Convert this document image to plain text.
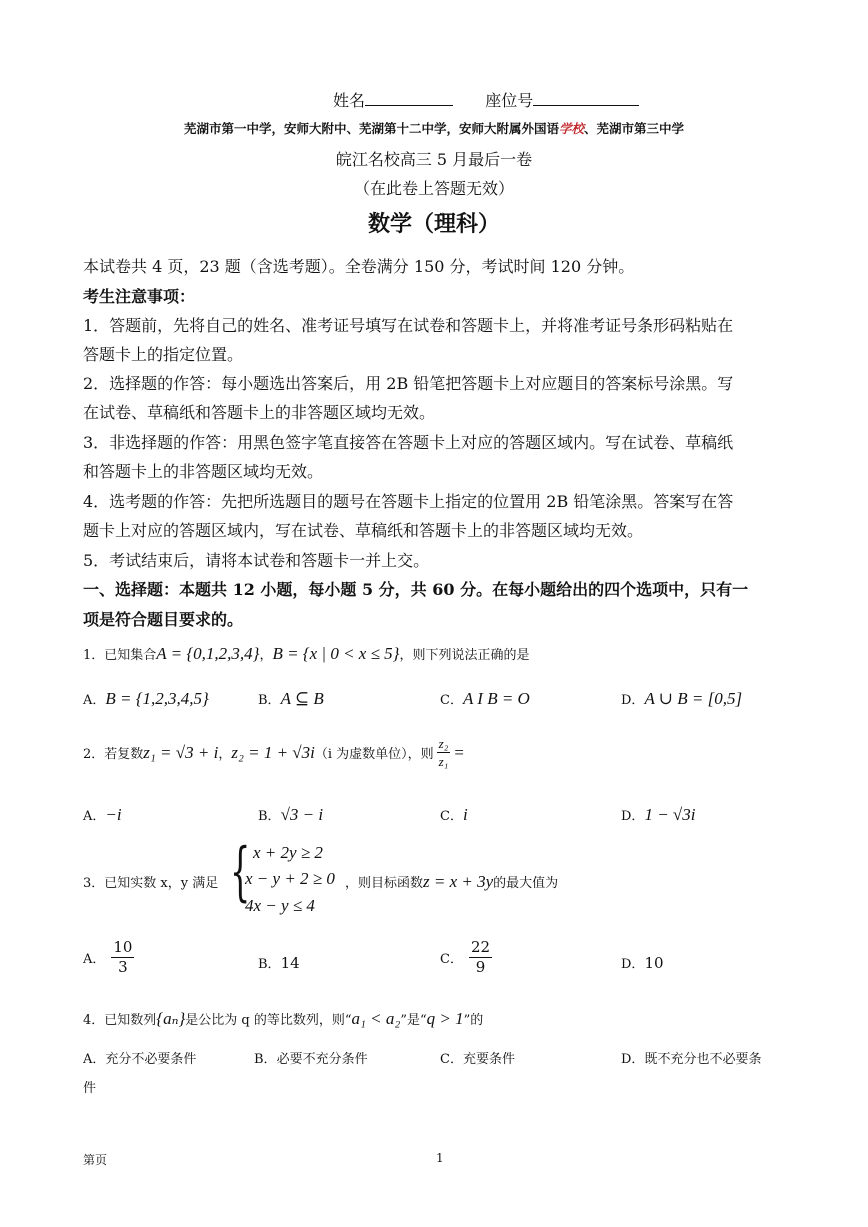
姓名	座位号
芜湖市第一中学，安师大附中、芜湖第十二中学，安师大附属外国语学校、芜湖市第三中学
皖江名校高三 5 月最后一卷
（在此卷上答题无效）
数学（理科）
本试卷共 4 页，23 题（含选考题）。全卷满分 150 分，考试时间 120 分钟。
考生注意事项：
1．答题前，先将自己的姓名、准考证号填写在试卷和答题卡上，并将准考证号条形码粘贴在
答题卡上的指定位置。
2．选择题的作答：每小题选出答案后，用 2B 铅笔把答题卡上对应题目的答案标号涂黑。写
在试卷、草稿纸和答题卡上的非答题区域均无效。
3．非选择题的作答：用黑色签字笔直接答在答题卡上对应的答题区域内。写在试卷、草稿纸
和答题卡上的非答题区域均无效。
4．选考题的作答：先把所选题目的题号在答题卡上指定的位置用 2B 铅笔涂黑。答案写在答
题卡上对应的答题区域内，写在试卷、草稿纸和答题卡上的非答题区域均无效。
5．考试结束后，请将本试卷和答题卡一并上交。
一、选择题：本题共 12 小题，每小题 5 分，共 60 分。在每小题给出的四个选项中，只有一
项是符合题目要求的。
1．已知集合A = {0,1,2,3,4}，B = {x | 0 < x ≤ 5}，则下列说法正确的是
A．B = {1,2,3,4,5}	B．A ⊆ B	C．A I B = O	D．A ∪ B = [0,5]
2．若复数 z₁ = √3 + i ， z₂ = 1 + √3i （i 为虚数单位），则 $\frac{\text{z₂}}{\text{z₁}}$ =
A．−i	B．√3 − i	C．i	D．1 − √3i
3．已知实数 x，y 满足 { x + 2y ≥ 2
x − y + 2 ≥ 0
4x − y ≤ 4
，则目标函数z = x + 3y的最大值为
A． $\frac{10}{3}$	B．14	C． $\frac{22}{9}$	D．10
4．已知数列{aₙ}是公比为 q 的等比数列，则“a₁ < a₂”是“q > 1”的
A．充分不必要条件	B．必要不充分条件	C．充要条件	D．既不充分也不必要条
件
第页	1
